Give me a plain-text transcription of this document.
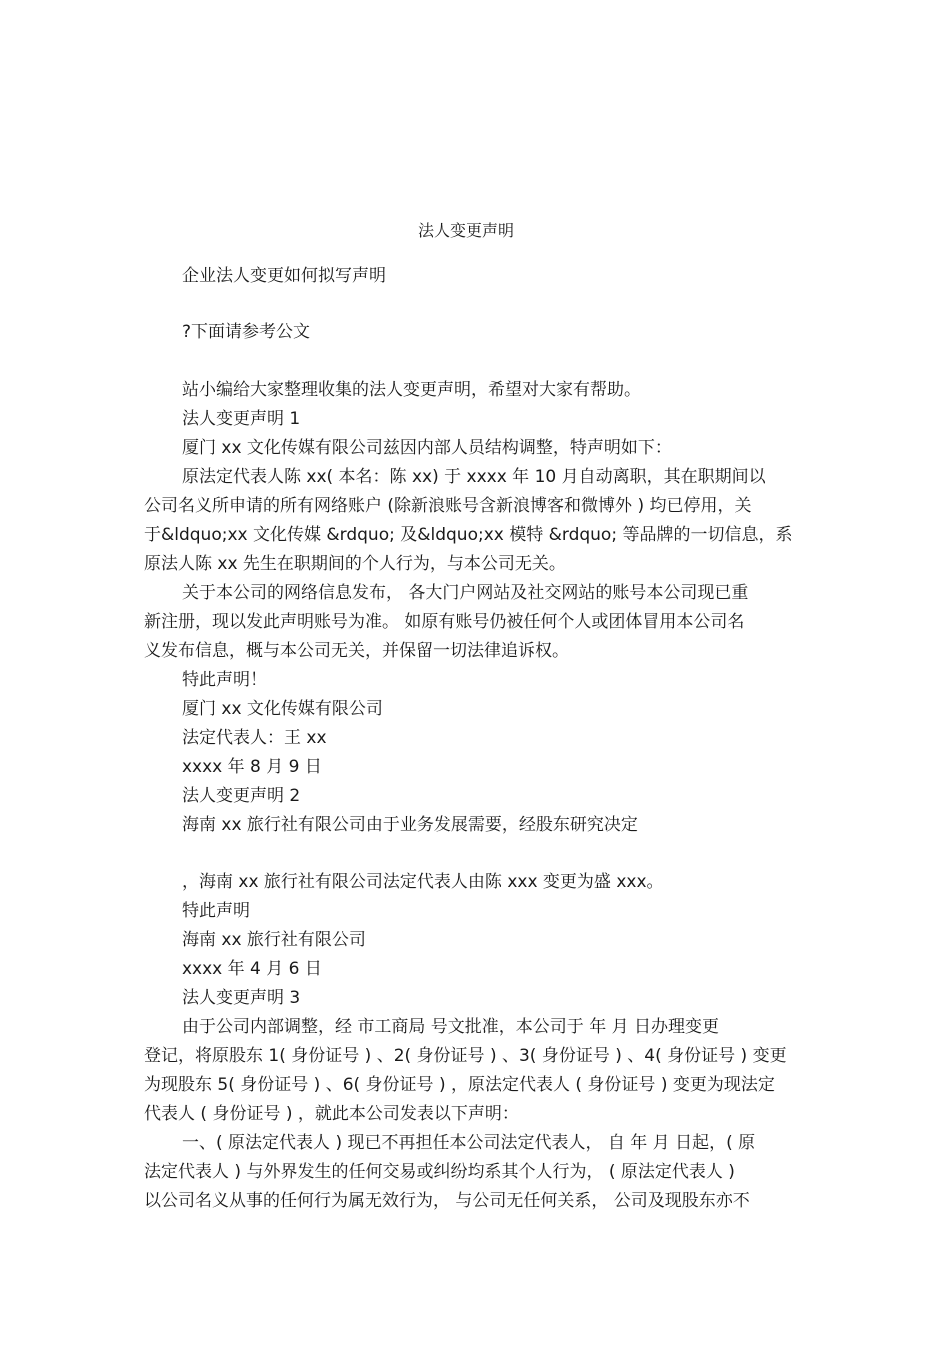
法人变更声明
企业法人变更如何拟写声明
?下面请参考公文
站小编给大家整理收集的法人变更声明，希望对大家有帮助。
法人变更声明 1
厦门 xx 文化传媒有限公司兹因内部人员结构调整，特声明如下：
原法定代表人陈 xx( 本名：陈 xx) 于 xxxx 年 10 月自动离职，其在职期间以
公司名义所申请的所有网络账户 (除新浪账号含新浪博客和微博外 ) 均已停用，关
于&ldquo;xx 文化传媒 &rdquo; 及&ldquo;xx 模特 &rdquo; 等品牌的一切信息，系
原法人陈 xx 先生在职期间的个人行为，与本公司无关。
关于本公司的网络信息发布， 各大门户网站及社交网站的账号本公司现已重
新注册，现以发此声明账号为准。 如原有账号仍被任何个人或团体冒用本公司名
义发布信息，概与本公司无关，并保留一切法律追诉权。
特此声明！
厦门 xx 文化传媒有限公司
法定代表人：王 xx
xxxx 年 8 月 9 日
法人变更声明 2
海南 xx 旅行社有限公司由于业务发展需要，经股东研究决定
，海南 xx 旅行社有限公司法定代表人由陈 xxx 变更为盛 xxx。
特此声明
海南 xx 旅行社有限公司
xxxx 年 4 月 6 日
法人变更声明 3
由于公司内部调整，经 市工商局 号文批准，本公司于 年 月 日办理变更
登记，将原股东 1( 身份证号 ) 、2( 身份证号 ) 、3( 身份证号 ) 、4( 身份证号 ) 变更
为现股东 5( 身份证号 ) 、6( 身份证号 ) ，原法定代表人 ( 身份证号 ) 变更为现法定
代表人 ( 身份证号 ) ，就此本公司发表以下声明：
一、( 原法定代表人 ) 现已不再担任本公司法定代表人， 自 年 月 日起，( 原
法定代表人 ) 与外界发生的任何交易或纠纷均系其个人行为， ( 原法定代表人 )
以公司名义从事的任何行为属无效行为， 与公司无任何关系， 公司及现股东亦不
